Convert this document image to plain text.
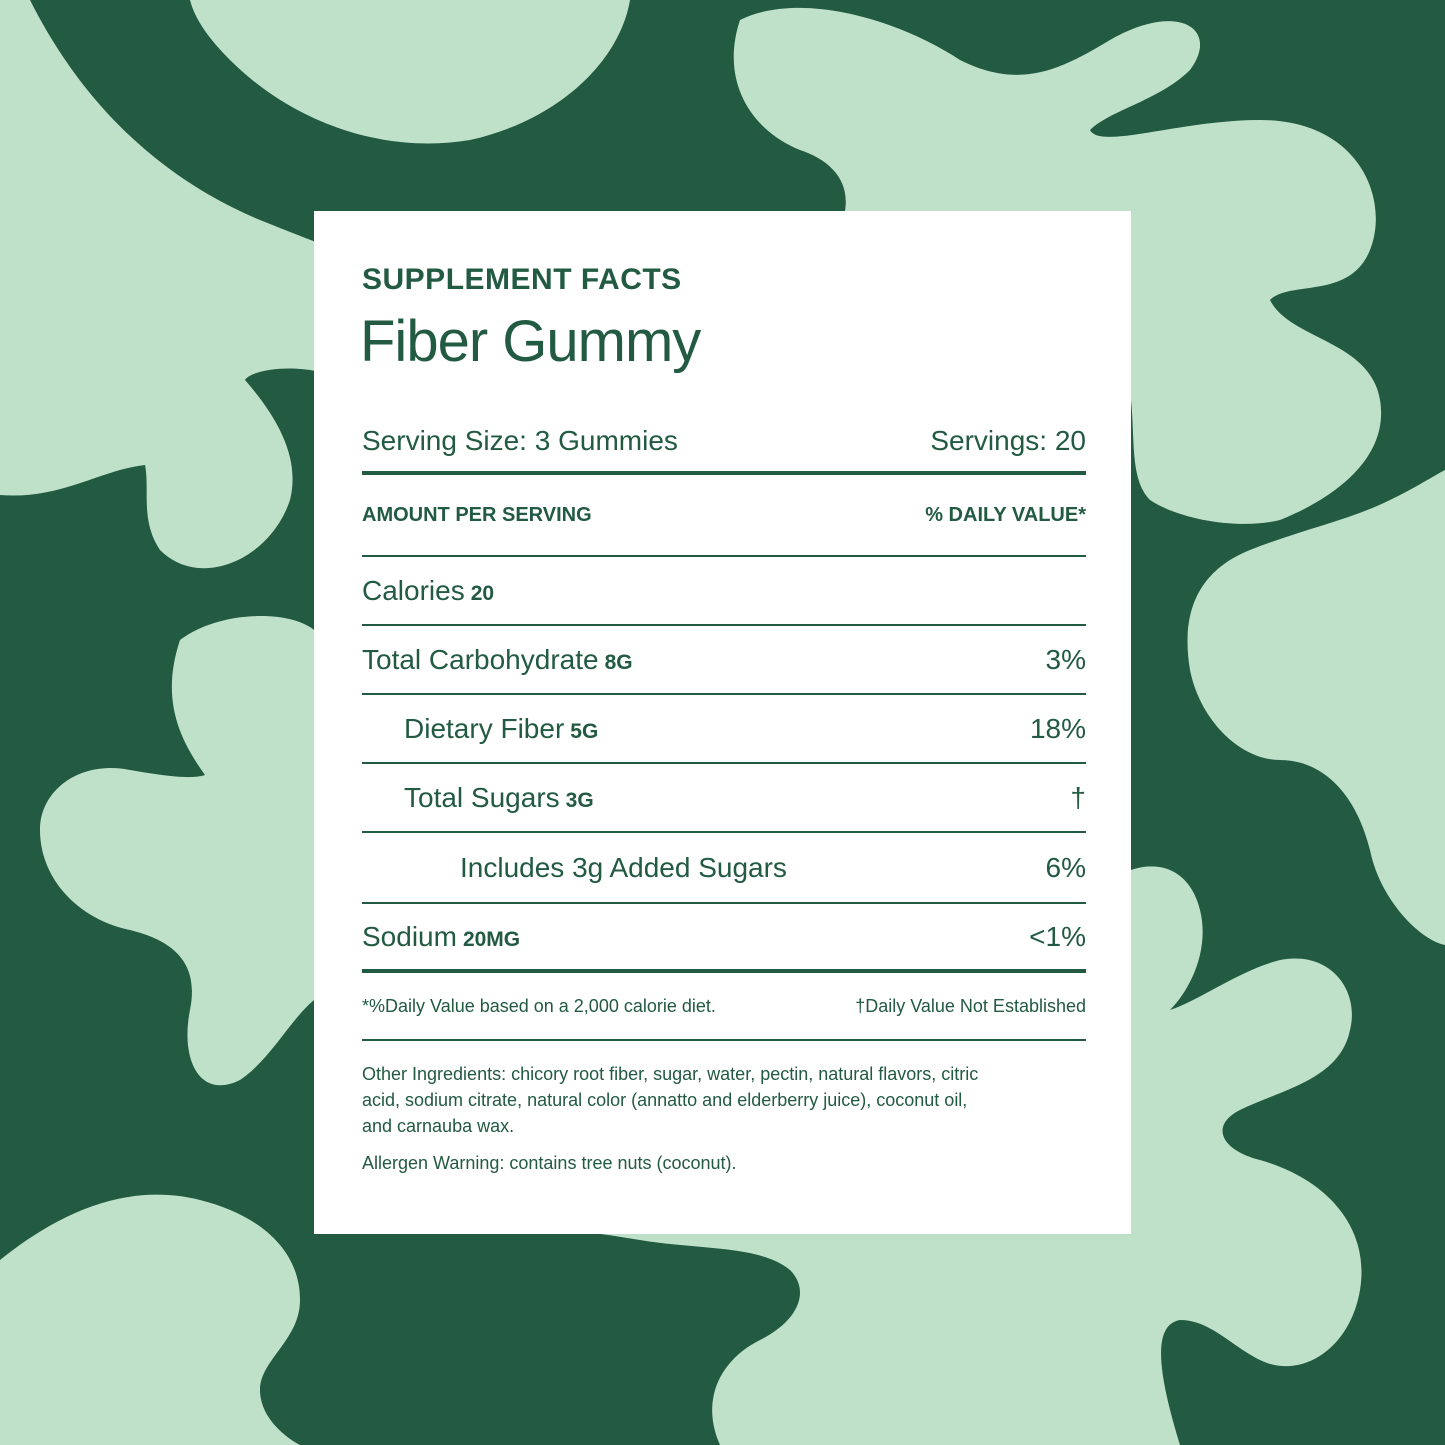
SUPPLEMENT FACTS
Fiber Gummy
Serving Size: 3 Gummies	Servings: 20
AMOUNT PER SERVING	% DAILY VALUE*
Calories 20
Total Carbohydrate 8G	3%
Dietary Fiber 5G	18%
Total Sugars 3G	†
Includes 3g Added Sugars	6%
Sodium 20MG	<1%
*%Daily Value based on a 2,000 calorie diet.	†Daily Value Not Established
Other Ingredients: chicory root fiber, sugar, water, pectin, natural flavors, citric acid, sodium citrate, natural color (annatto and elderberry juice), coconut oil, and carnauba wax.
Allergen Warning: contains tree nuts (coconut).
